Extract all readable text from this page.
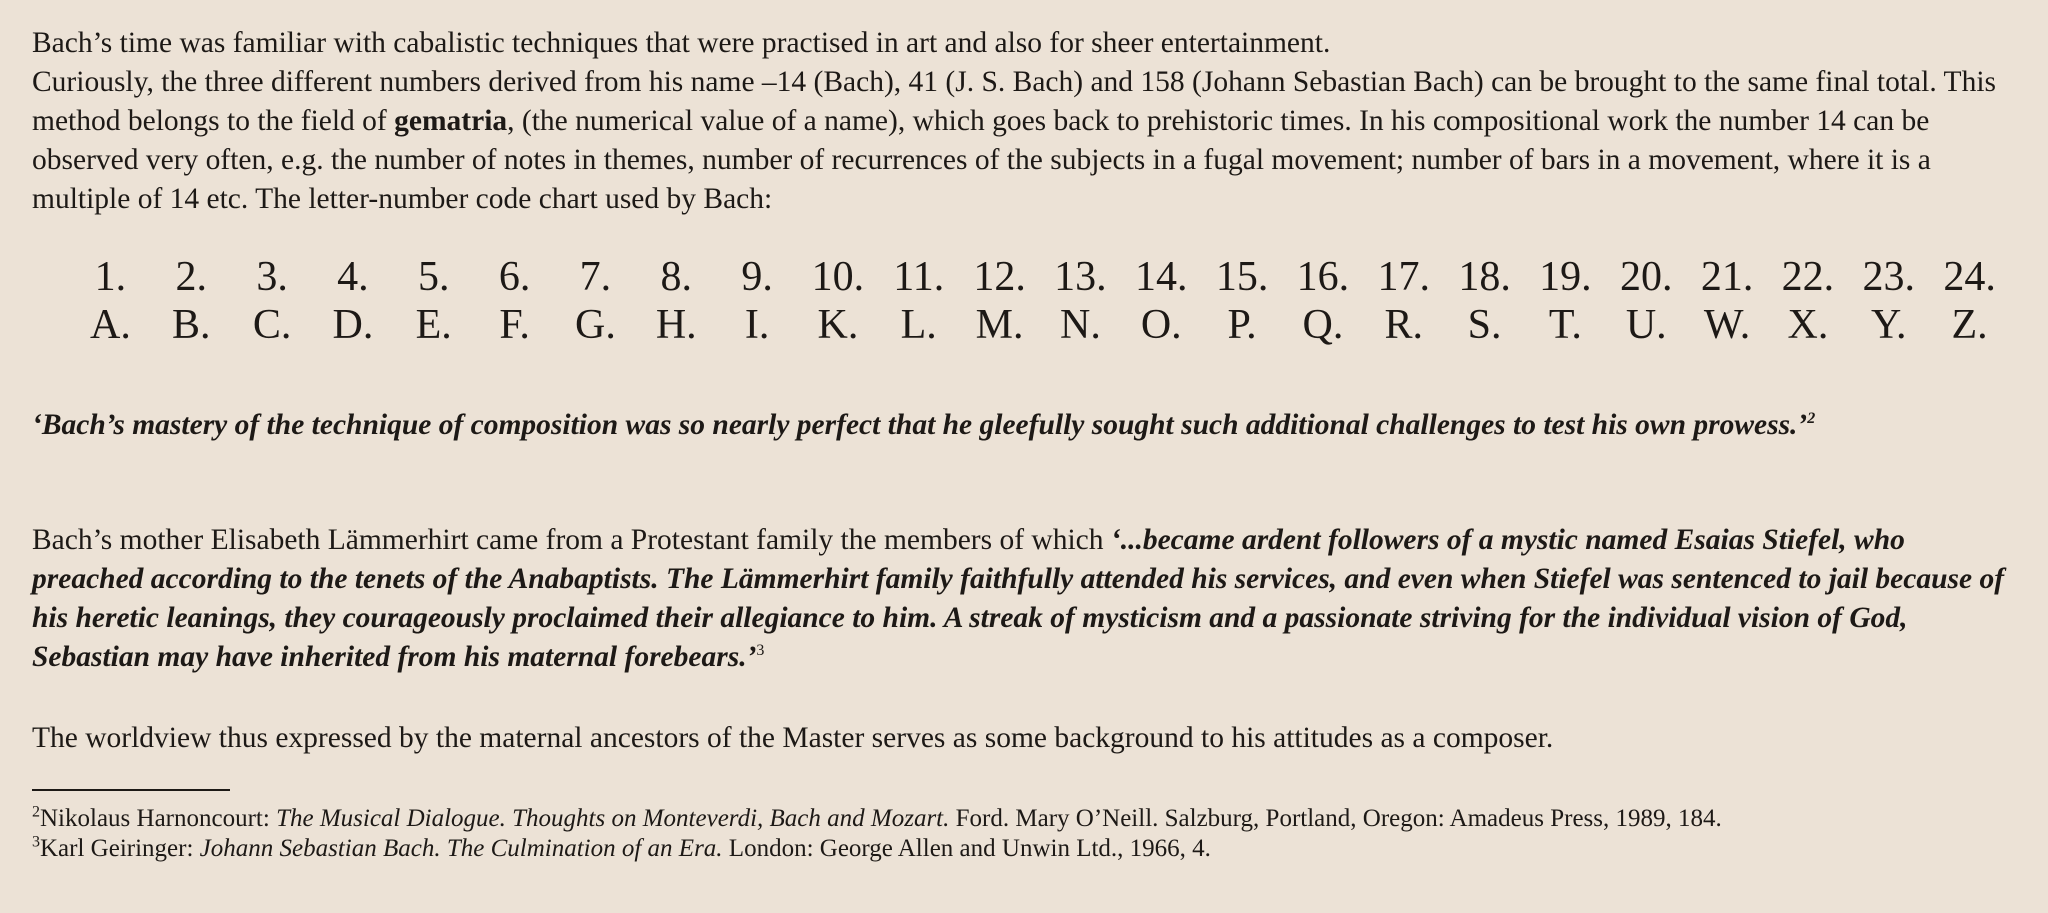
Bach’s time was familiar with cabalistic techniques that were practised in art and also for sheer entertainment.
Curiously, the three different numbers derived from his name –14 (Bach), 41 (J. S. Bach) and 158 (Johann Sebastian Bach) can be brought to the same final total. This method belongs to the field of gematria, (the numerical value of a name), which goes back to prehistoric times. In his compositional work the number 14 can be observed very often, e.g. the number of notes in themes, number of recurrences of the subjects in a fugal movement; number of bars in a movement, where it is a multiple of 14 etc. The letter-number code chart used by Bach:

1.	2.	3.	4.	5.	6.	7.	8.	9. 10. 11. 12. 13. 14. 15. 16. 17. 18. 19. 20. 21. 22. 23. 24.
A. B.	C. D.	E.	F.	G. H.	I.	K.	L. M. N. O.	P.	Q. R.	S.	T.	U. W. X.	Y.	Z.

‘Bach’s mastery of the technique of composition was so nearly perfect that he gleefully sought such additional challenges to test his own prowess.’$^2$

Bach’s mother Elisabeth Lämmerhirt came from a Protestant family the members of which ‘...became ardent followers of a mystic named Esaias Stiefel, who preached according to the tenets of the Anabaptists. The Lämmerhirt family faithfully attended his services, and even when Stiefel was sentenced to jail because of his heretic leanings, they courageously proclaimed their allegiance to him. A streak of mysticism and a passionate striving for the individual vision of God, Sebastian may have inherited from his maternal forebears.’$^3$

The worldview thus expressed by the maternal ancestors of the Master serves as some background to his attitudes as a composer.

$^2$Nikolaus Harnoncourt: The Musical Dialogue. Thoughts on Monteverdi, Bach and Mozart. Ford. Mary O’Neill. Salzburg, Portland, Oregon: Amadeus Press, 1989, 184.

$^3$Karl Geiringer: Johann Sebastian Bach. The Culmination of an Era. London: George Allen and Unwin Ltd., 1966, 4.
